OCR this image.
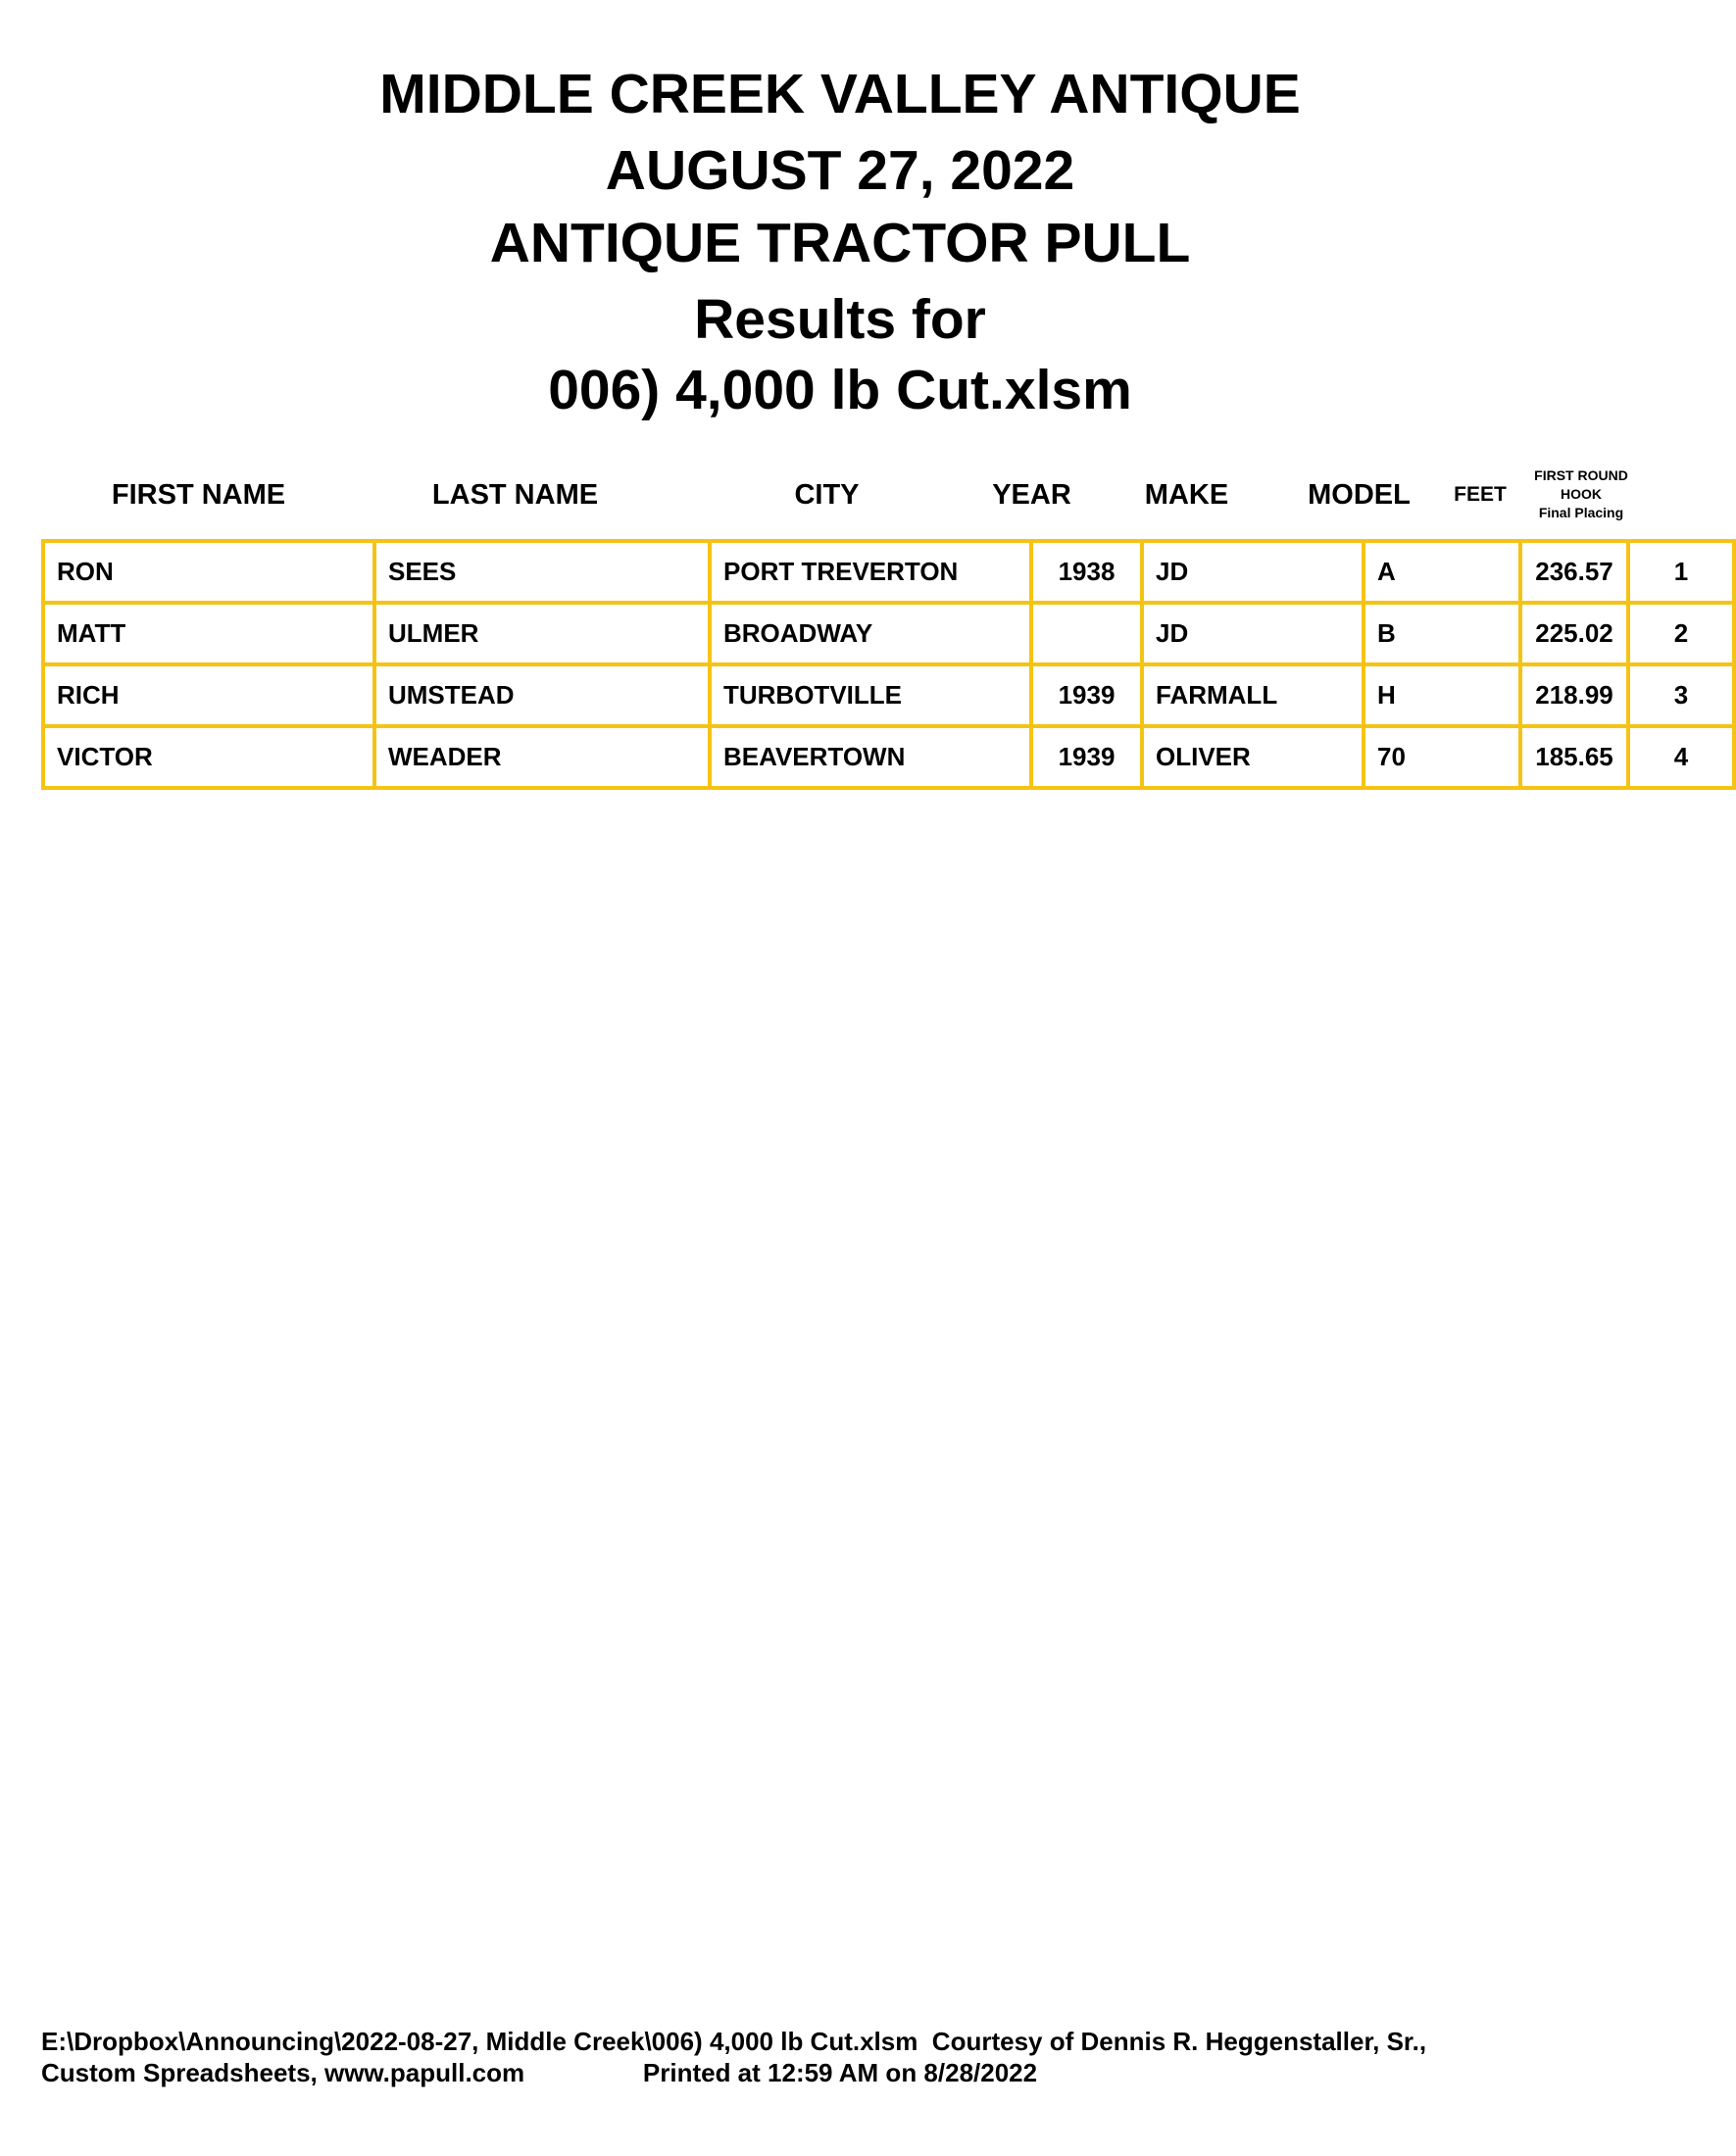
MIDDLE CREEK VALLEY ANTIQUE
AUGUST 27, 2022
ANTIQUE TRACTOR PULL
Results for
006) 4,000 lb Cut.xlsm
FIRST NAME	LAST NAME	CITY	YEAR	MAKE	MODEL	FEET
FIRST ROUND
HOOK
Final Placing
RON	SEES	PORT TREVERTON	1938	JD	A	236.57	1
MATT	ULMER	BROADWAY		JD	B	225.02	2
RICH	UMSTEAD	TURBOTVILLE	1939	FARMALL	H	218.99	3
VICTOR	WEADER	BEAVERTOWN	1939	OLIVER	70	185.65	4
E:\Dropbox\Announcing\2022-08-27, Middle Creek\006) 4,000 lb Cut.xlsm  Courtesy of Dennis R. Heggenstaller, Sr.,
Custom Spreadsheets, www.papull.com	Printed at 12:59 AM on 8/28/2022
